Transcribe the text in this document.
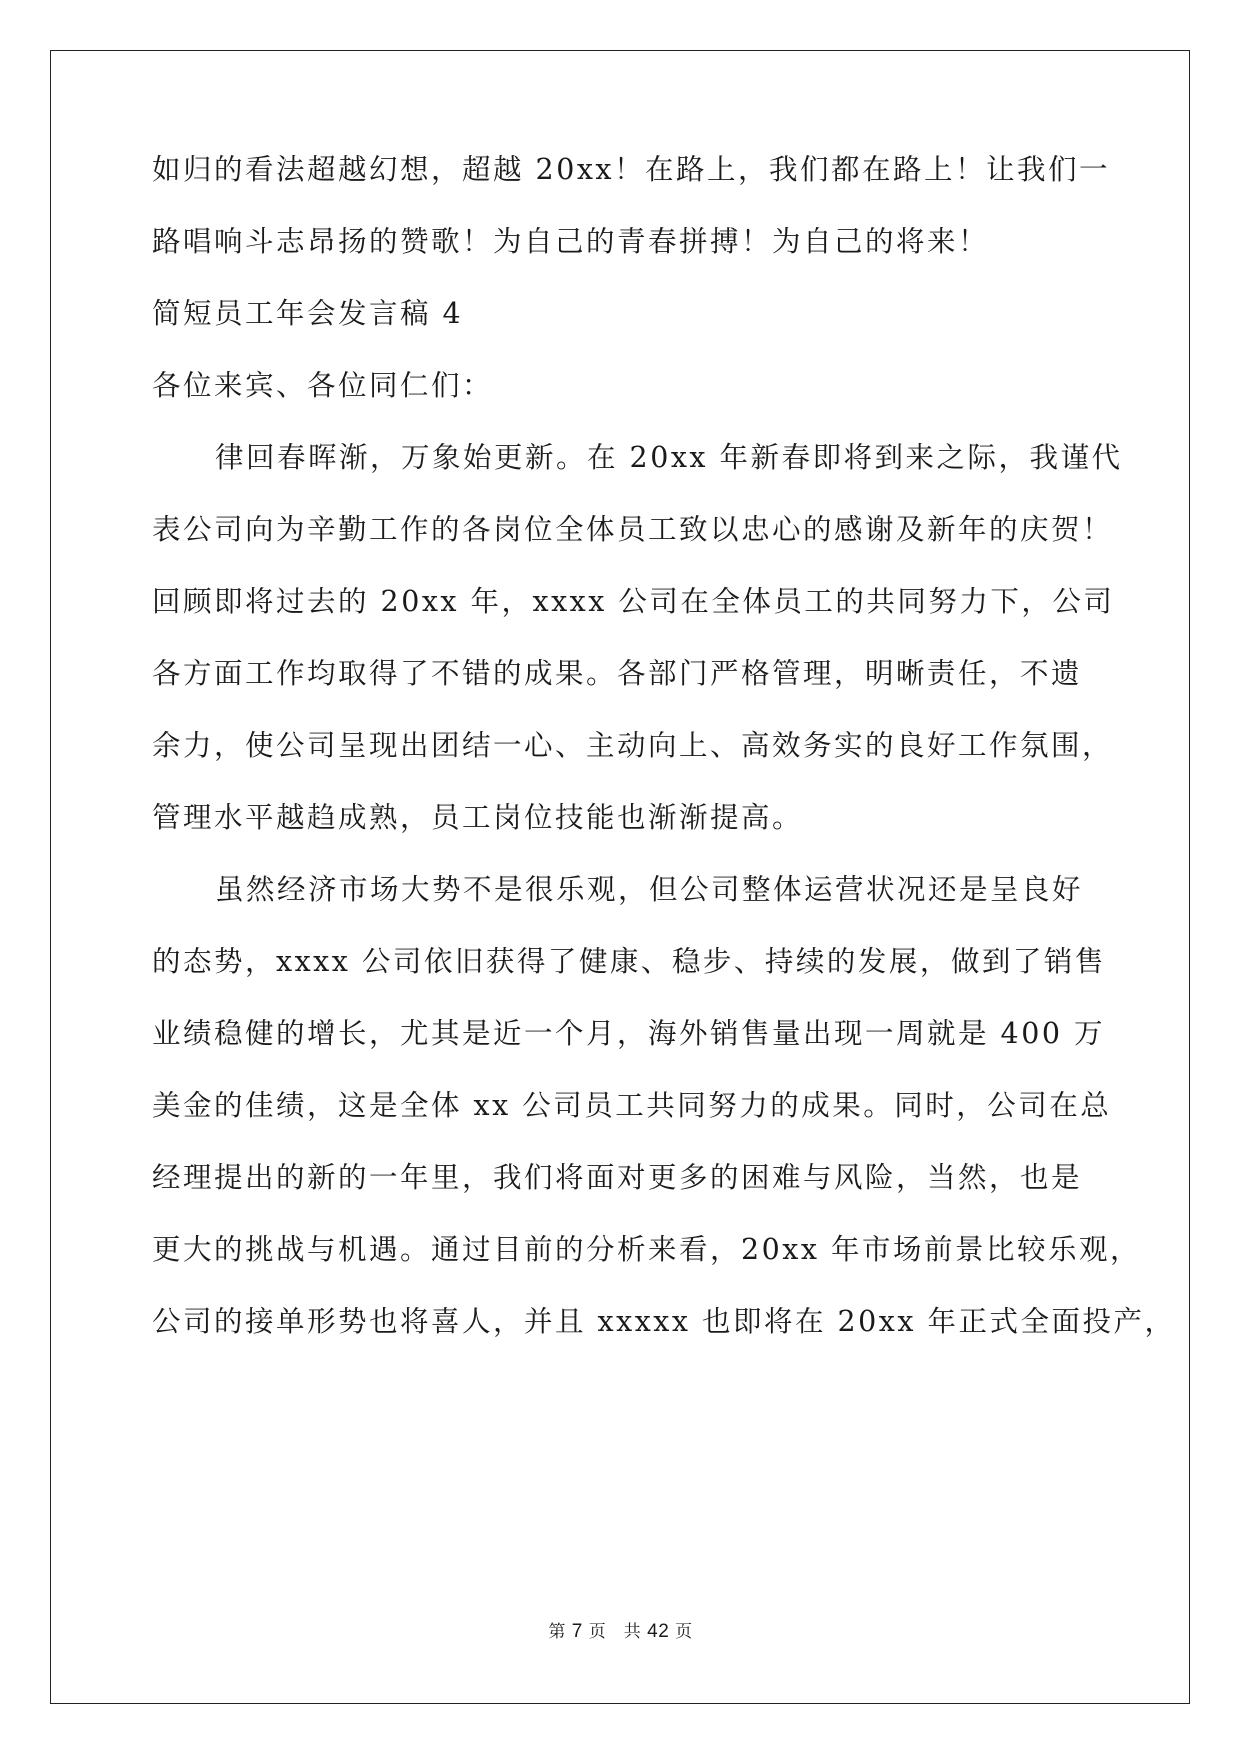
如归的看法超越幻想，超越 20xx！在路上，我们都在路上！让我们一

路唱响斗志昂扬的赞歌！为自己的青春拼搏！为自己的将来！

简短员工年会发言稿 4

各位来宾、各位同仁们：

律回春晖渐，万象始更新。在 20xx 年新春即将到来之际，我谨代

表公司向为辛勤工作的各岗位全体员工致以忠心的感谢及新年的庆贺！

回顾即将过去的 20xx 年，xxxx 公司在全体员工的共同努力下，公司

各方面工作均取得了不错的成果。各部门严格管理，明晰责任，不遗

余力，使公司呈现出团结一心、主动向上、高效务实的良好工作氛围，

管理水平越趋成熟，员工岗位技能也渐渐提高。

虽然经济市场大势不是很乐观，但公司整体运营状况还是呈良好

的态势，xxxx 公司依旧获得了健康、稳步、持续的发展，做到了销售

业绩稳健的增长，尤其是近一个月，海外销售量出现一周就是 400 万

美金的佳绩，这是全体 xx 公司员工共同努力的成果。同时，公司在总

经理提出的新的一年里，我们将面对更多的困难与风险，当然，也是

更大的挑战与机遇。通过目前的分析来看，20xx 年市场前景比较乐观，

公司的接单形势也将喜人，并且 xxxxx 也即将在 20xx 年正式全面投产，

第 7 页　共 42 页
